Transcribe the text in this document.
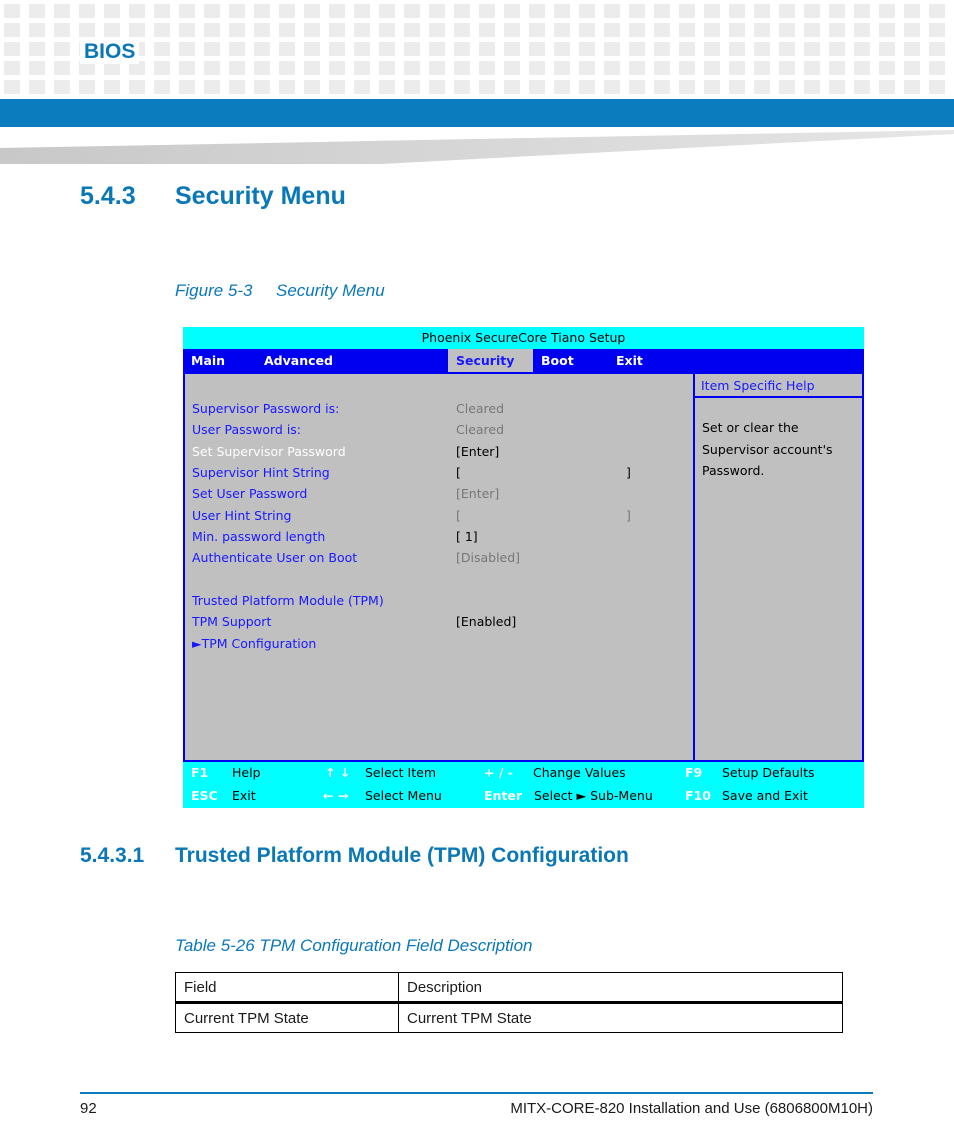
BIOS
5.4.3 Security Menu
Figure 5-3 Security Menu
Phoenix SecureCore Tiano Setup
Main	Advanced	Security	Boot	Exit
Item Specific Help
Set or clear the
Supervisor account's
Password.
Supervisor Password is:	Cleared
User Password is:	Cleared
Set Supervisor Password	[Enter]
Supervisor Hint String	[	]
Set User Password	[Enter]
User Hint String	[	]
Min. password length	[ 1]
Authenticate User on Boot	[Disabled]
Trusted Platform Module (TPM)
TPM Support	[Enabled]
►TPM Configuration
F1 Help	↑ ↓ Select Item	+ / - Change Values	F9 Setup Defaults
ESC Exit	← → Select Menu	Enter Select ► Sub-Menu	F10 Save and Exit
5.4.3.1 Trusted Platform Module (TPM) Configuration
Table 5-26 TPM Configuration Field Description
Field	Description
Current TPM State	Current TPM State
92	MITX-CORE-820 Installation and Use (6806800M10H)
